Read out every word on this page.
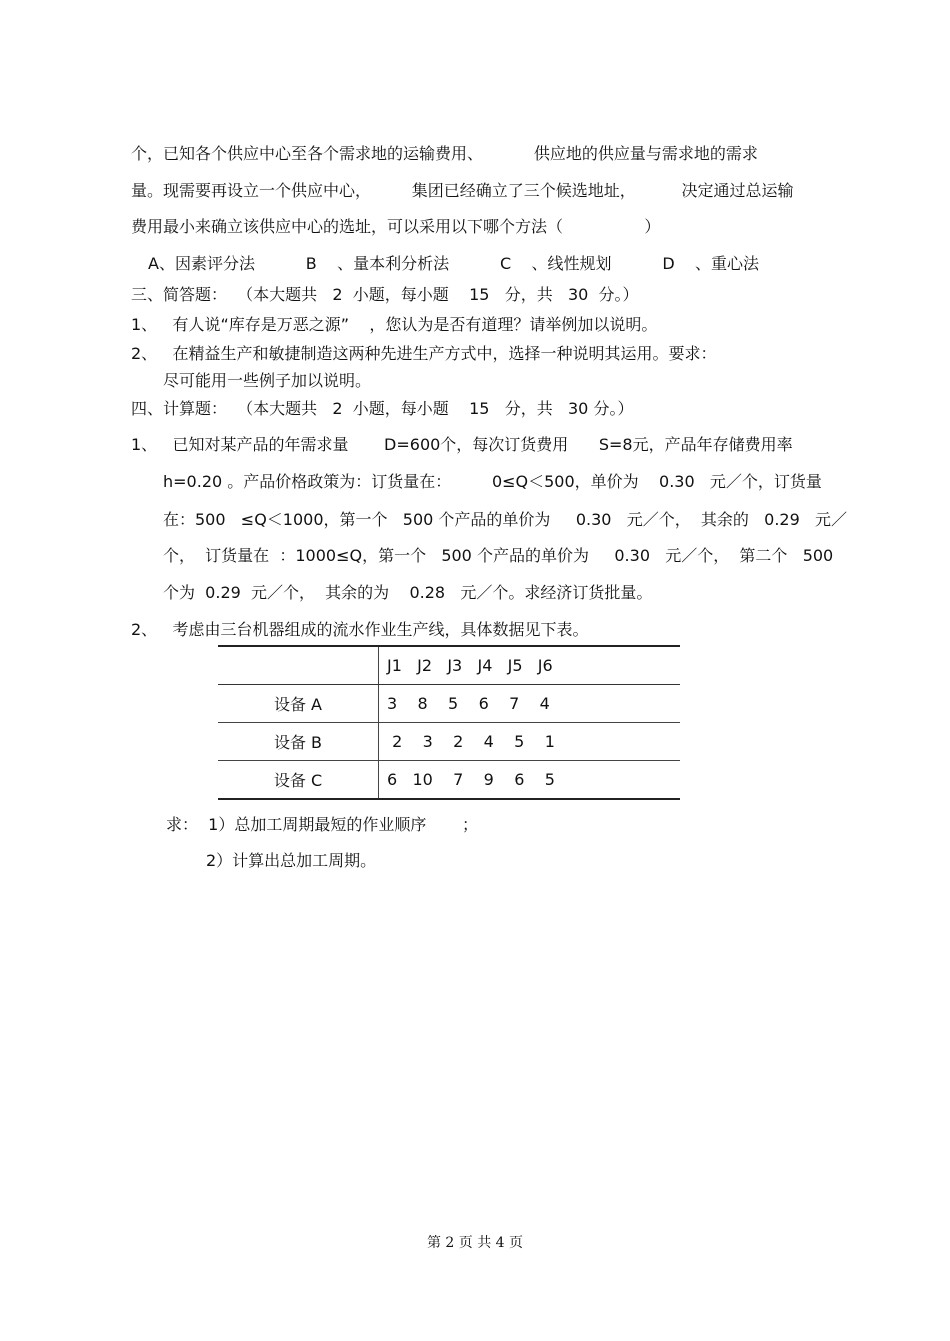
个，已知各个供应中心至各个需求地的运输费用、          供应地的供应量与需求地的需求
量。现需要再设立一个供应中心，        集团已经确立了三个候选地址，         决定通过总运输
费用最小来确立该供应中心的选址，可以采用以下哪个方法（                ）
A、因素评分法          B    、量本利分析法          C    、线性规划          D    、重心法
三、简答题：  （本大题共   2  小题，每小题    15   分，共   30  分。）
1、   有人说“库存是万恶之源”    ，您认为是否有道理？请举例加以说明。
2、   在精益生产和敏捷制造这两种先进生产方式中，选择一种说明其运用。要求：
尽可能用一些例子加以说明。
四、计算题：  （本大题共   2  小题，每小题    15   分，共   30 分。）
1、   已知对某产品的年需求量       D=600个，每次订货费用      S=8元，产品年存储费用率
h=0.20 。产品价格政策为：订货量在：        0≤Q＜500，单价为    0.30   元／个，订货量
在：500   ≤Q＜1000，第一个   500 个产品的单价为     0.30   元／个，  其余的   0.29   元／
个，  订货量在  ：1000≤Q，第一个   500 个产品的单价为     0.30   元／个，  第二个   500
个为  0.29  元／个，  其余的为    0.28   元／个。求经济订货批量。
2、   考虑由三台机器组成的流水作业生产线，具体数据见下表。
	J1   J2   J3   J4   J5   J6
设备 A	3    8    5    6    7    4
设备 B	2    3    2    4    5    1
设备 C	6   10    7    9    6    5
求：  1）总加工周期最短的作业顺序       ；
2）计算出总加工周期。
第 2 页 共 4 页
